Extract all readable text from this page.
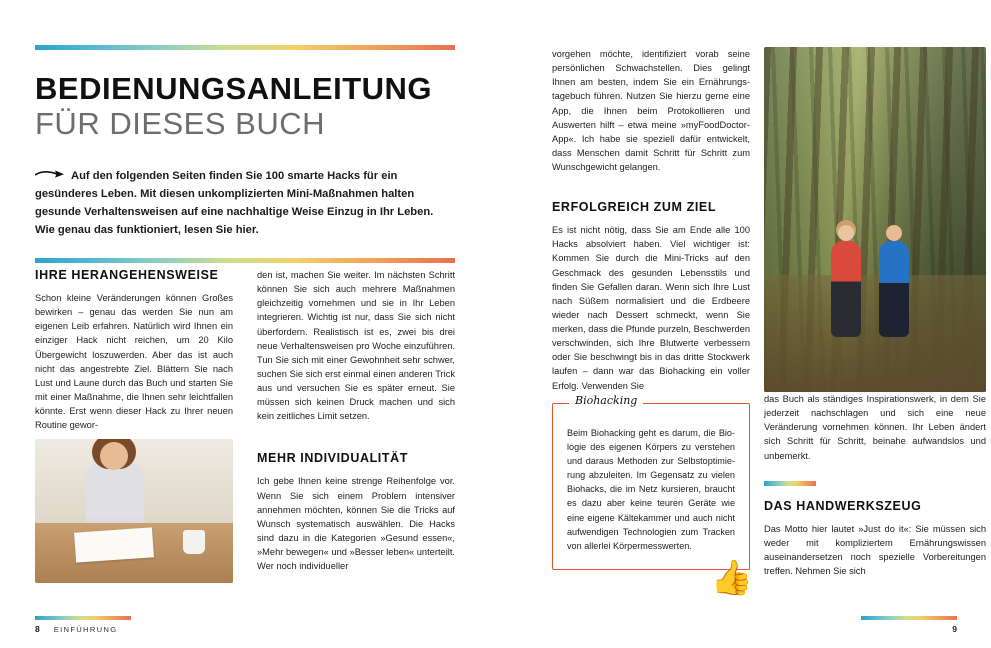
BEDIENUNGSANLEITUNG
FÜR DIESES BUCH

Auf den folgenden Seiten finden Sie 100 smarte Hacks für ein gesünderes Leben. Mit diesen unkomplizierten Mini-Maßnahmen halten gesunde Verhaltensweisen auf eine nachhaltige Weise Einzug in Ihr Leben. Wie genau das funktioniert, lesen Sie hier.

IHRE HERANGEHENSWEISE

Schon kleine Veränderungen können Großes bewirken – genau das werden Sie nun am eigenen Leib erfahren. Natürlich wird Ihnen ein einziger Hack nicht reichen, um 20 Kilo Übergewicht loszuwerden. Aber das ist auch nicht das angestrebte Ziel. Blättern Sie nach Lust und Laune durch das Buch und starten Sie mit einer Maßnahme, die Ihnen sehr leichtfallen könnte. Erst wenn dieser Hack zu Ihrer neuen Routine gewor-

den ist, machen Sie weiter. Im nächsten Schritt können Sie sich auch mehrere Maßnahmen gleichzeitig vornehmen und sie in Ihr Leben integrieren. Wichtig ist nur, dass Sie sich nicht überfordern. Realistisch ist es, zwei bis drei neue Verhaltensweisen pro Woche einzuführen. Tun Sie sich mit einer Gewohnheit sehr schwer, suchen Sie sich erst einmal einen anderen Trick aus und versuchen Sie es später erneut. Sie müssen sich keinen Druck machen und sich kein zeitliches Limit setzen.

MEHR INDIVIDUALITÄT

Ich gebe Ihnen keine strenge Reihenfolge vor. Wenn Sie sich einem Problem intensiver annehmen möchten, können Sie die Tricks auf Wunsch systematisch auswählen. Die Hacks sind dazu in die Kategorien »Gesund essen«, »Mehr bewegen« und »Besser leben« unterteilt. Wer noch individueller

8 EINFÜHRUNG

vorgehen möchte, identifiziert vorab seine persönlichen Schwachstellen. Dies gelingt Ihnen am besten, indem Sie ein Ernährungstagebuch führen. Nutzen Sie hierzu gerne eine App, die Ihnen beim Protokollieren und Auswerten hilft – etwa meine »myFoodDoctor-App«. Ich habe sie speziell dafür entwickelt, dass Menschen damit Schritt für Schritt zum Wunschgewicht gelangen.

ERFOLGREICH ZUM ZIEL

Es ist nicht nötig, dass Sie am Ende alle 100 Hacks absolviert haben. Viel wichtiger ist: Kommen Sie durch die Mini-Tricks auf den Geschmack des gesunden Lebensstils und finden Sie Gefallen daran. Wenn sich Ihre Lust nach Süßem normalisiert und die Erdbeere wieder nach Dessert schmeckt, wenn Sie merken, dass die Pfunde purzeln, Beschwerden verschwinden, sich Ihre Blutwerte verbessern oder Sie beschwingt bis in das dritte Stockwerk laufen – dann war das Biohacking ein voller Erfolg. Verwenden Sie

Biohacking

Beim Biohacking geht es darum, die Biologie des eigenen Körpers zu verstehen und daraus Methoden zur Selbstoptimierung abzuleiten. Im Gegensatz zu vielen Biohacks, die im Netz kursieren, braucht es dazu aber keine teuren Geräte wie eine eigene Kältekammer und auch nicht aufwendigen Technologien zum Tracken von allerlei Körpermesswerten.

👍

das Buch als ständiges Inspirationswerk, in dem Sie jederzeit nachschlagen und sich eine neue Veränderung vornehmen können. Ihr Leben ändert sich Schritt für Schritt, beinahe aufwandslos und unbemerkt.

DAS HANDWERKSZEUG

Das Motto hier lautet »Just do it«: Sie müssen sich weder mit kompliziertem Ernährungswissen auseinandersetzen noch spezielle Vorbereitungen treffen. Nehmen Sie sich

9
